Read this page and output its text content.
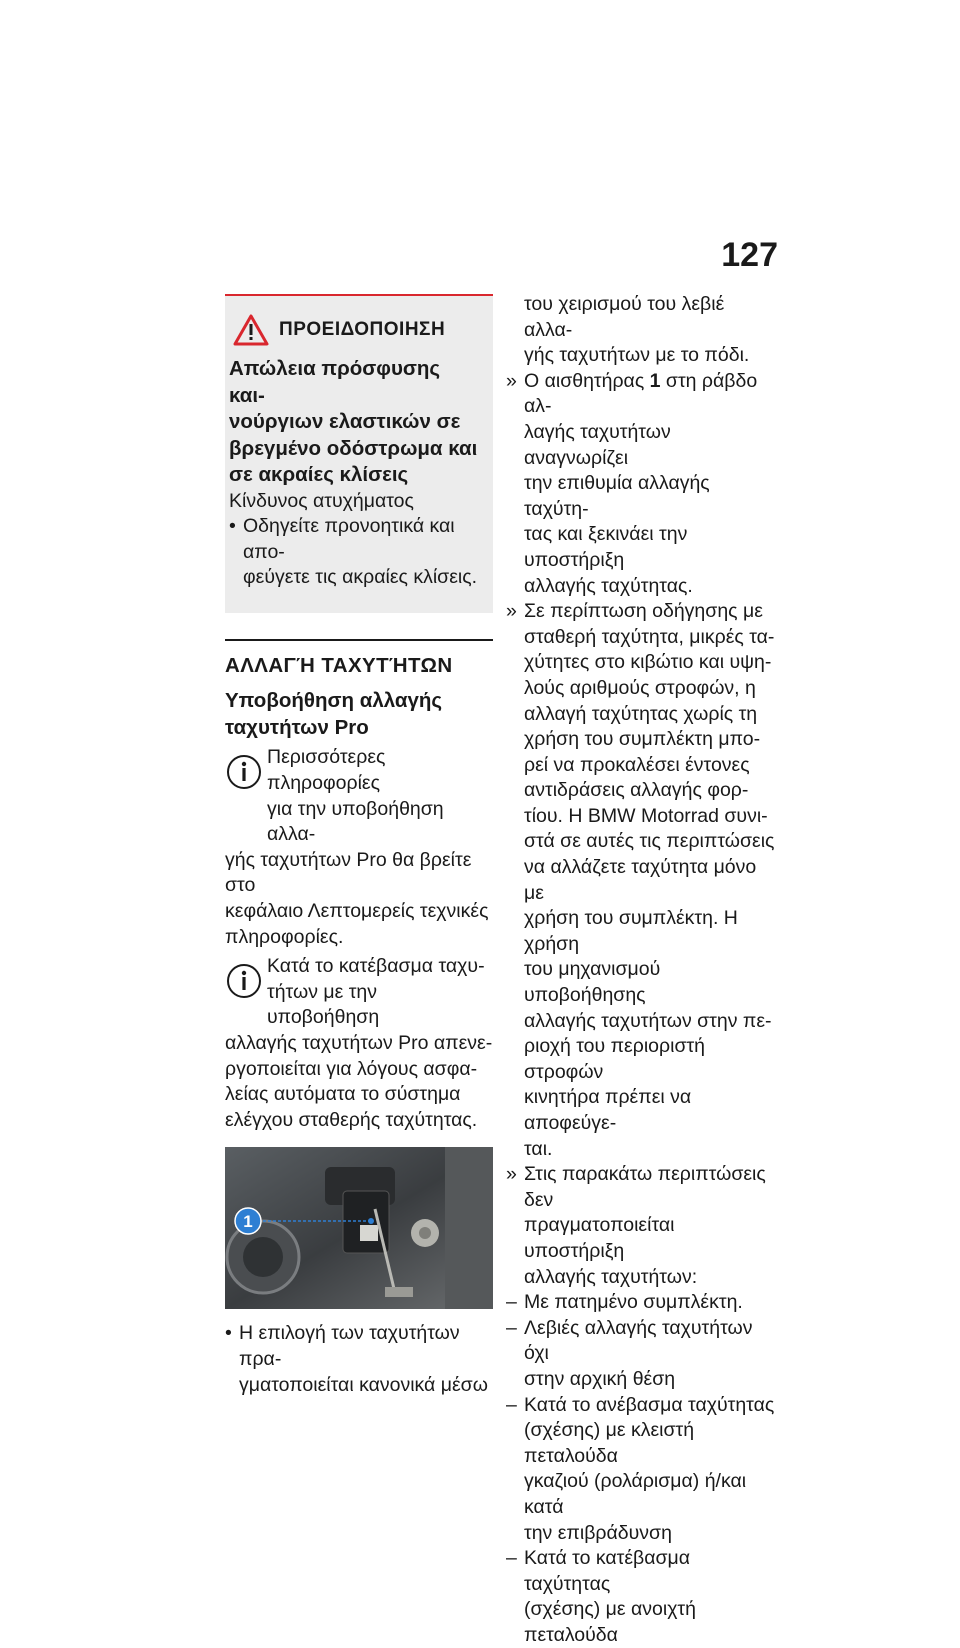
127
ΠΡΟΕΙΔΟΠΟΙΗΣΗ
Απώλεια πρόσφυσης και-
νούργιων ελαστικών σε
βρεγμένο οδόστρωμα και
σε ακραίες κλίσεις
Κίνδυνος ατυχήματος
• Οδηγείτε προνοητικά και απο-
φεύγετε τις ακραίες κλίσεις.
ΑΛΛΑΓΉ ΤΑΧΥΤΉΤΩΝ
Υποβοήθηση αλλαγής
ταχυτήτων Pro
Περισσότερες πληροφορίες
για την υποβοήθηση αλλα-
γής ταχυτήτων Pro θα βρείτε στο
κεφάλαιο Λεπτομερείς τεχνικές
πληροφορίες.
Κατά το κατέβασμα ταχυ-
τήτων με την υποβοήθηση
αλλαγής ταχυτήτων Pro απενε-
ργοποιείται για λόγους ασφα-
λείας αυτόματα το σύστημα
ελέγχου σταθερής ταχύτητας.
1
• Η επιλογή των ταχυτήτων πρα-
γματοποιείται κανονικά μέσω
του χειρισμού του λεβιέ αλλα-
γής ταχυτήτων με το πόδι.
» Ο αισθητήρας 1 στη ράβδο αλ-
λαγής ταχυτήτων αναγνωρίζει
την επιθυμία αλλαγής ταχύτη-
τας και ξεκινάει την υποστήριξη
αλλαγής ταχύτητας.
» Σε περίπτωση οδήγησης με
σταθερή ταχύτητα, μικρές τα-
χύτητες στο κιβώτιο και υψη-
λούς αριθμούς στροφών, η
αλλαγή ταχύτητας χωρίς τη
χρήση του συμπλέκτη μπο-
ρεί να προκαλέσει έντονες
αντιδράσεις αλλαγής φορ-
τίου. Η BMW Motorrad συνι-
στά σε αυτές τις περιπτώσεις
να αλλάζετε ταχύτητα μόνο με
χρήση του συμπλέκτη. Η χρήση
του μηχανισμού υποβοήθησης
αλλαγής ταχυτήτων στην πε-
ριοχή του περιοριστή στροφών
κινητήρα πρέπει να αποφεύγε-
ται.
» Στις παρακάτω περιπτώσεις δεν
πραγματοποιείται υποστήριξη
αλλαγής ταχυτήτων:
– Με πατημένο συμπλέκτη.
– Λεβιές αλλαγής ταχυτήτων όχι
στην αρχική θέση
– Κατά το ανέβασμα ταχύτητας
(σχέσης) με κλειστή πεταλούδα
γκαζιού (ρολάρισμα) ή/και κατά
την επιβράδυνση
– Κατά το κατέβασμα ταχύτητας
(σχέσης) με ανοιχτή πεταλούδα
